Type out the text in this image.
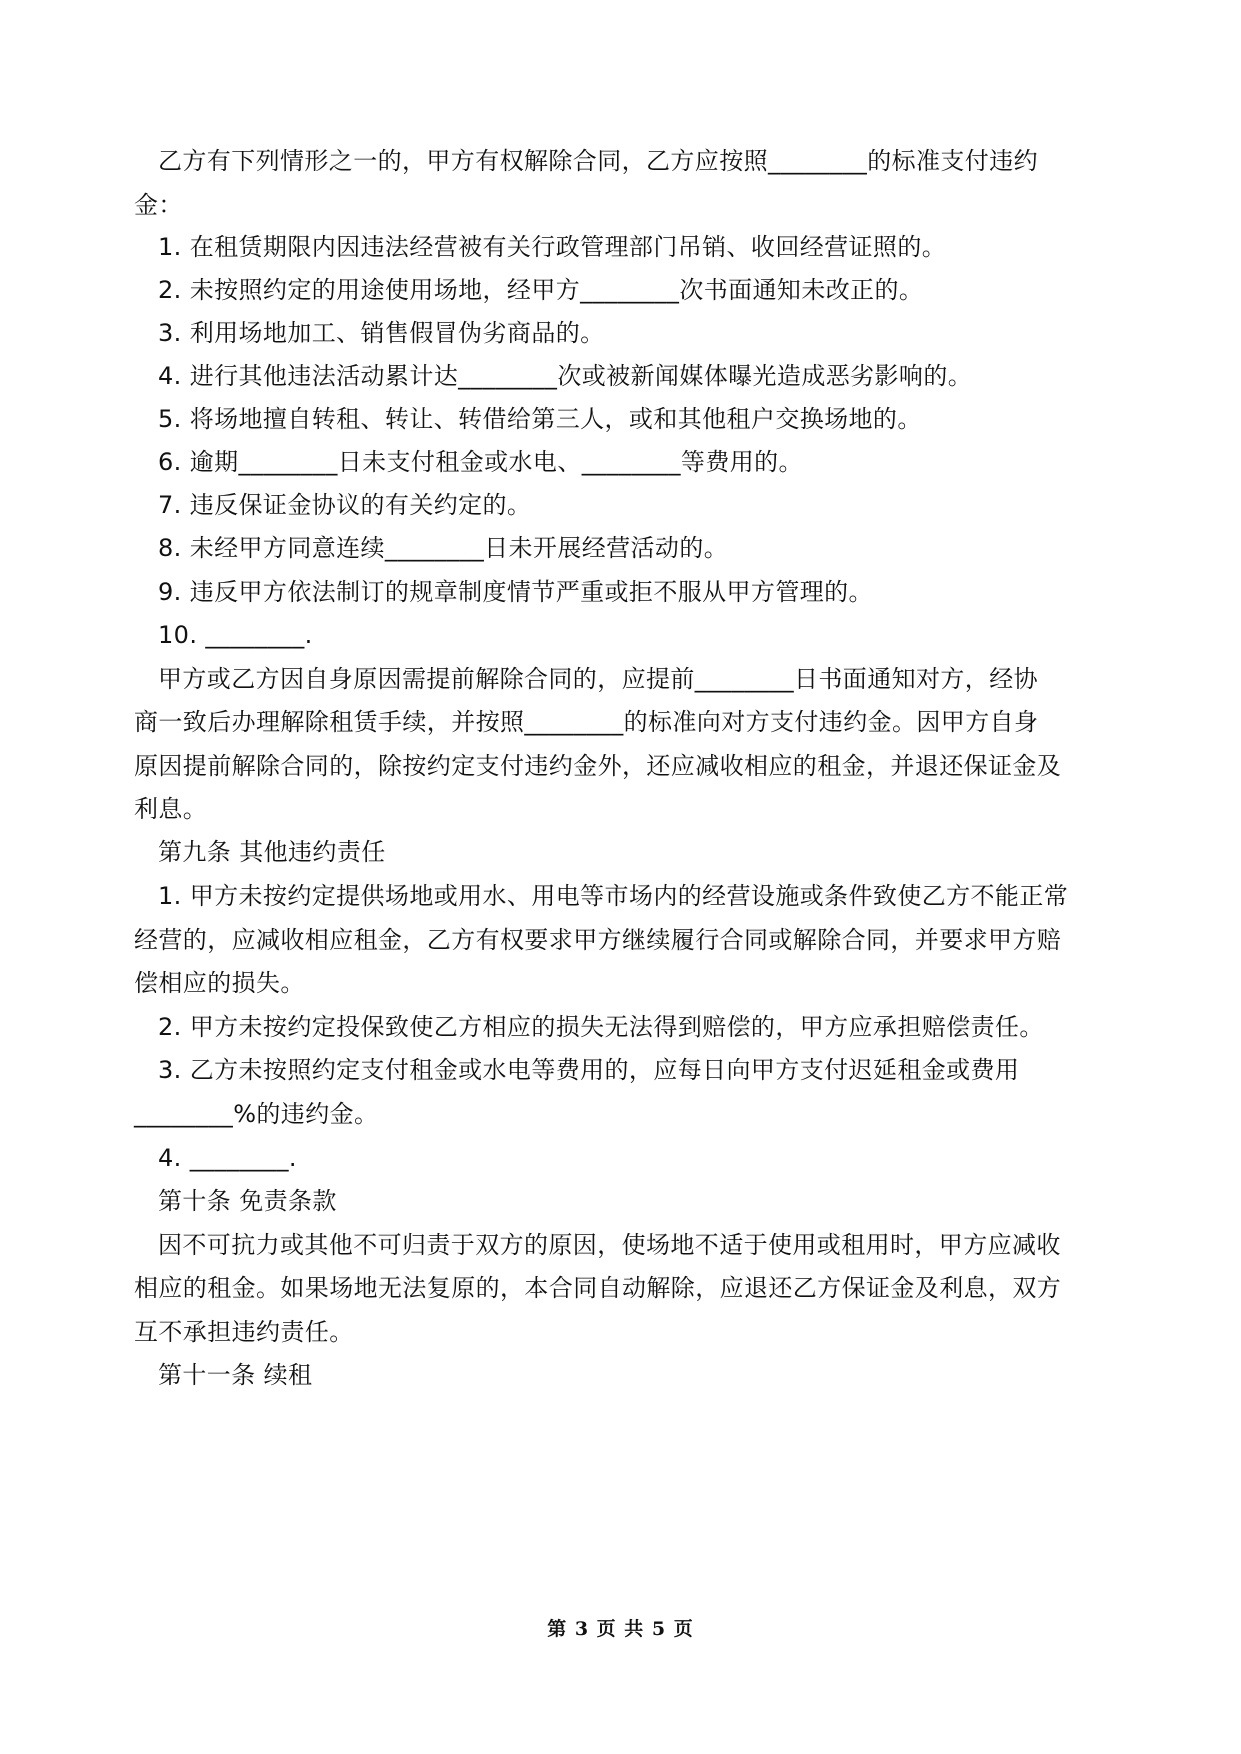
乙方有下列情形之一的，甲方有权解除合同，乙方应按照________的标准支付违约
金：
1. 在租赁期限内因违法经营被有关行政管理部门吊销、收回经营证照的。
2. 未按照约定的用途使用场地，经甲方________次书面通知未改正的。
3. 利用场地加工、销售假冒伪劣商品的。
4. 进行其他违法活动累计达________次或被新闻媒体曝光造成恶劣影响的。
5. 将场地擅自转租、转让、转借给第三人，或和其他租户交换场地的。
6. 逾期________日未支付租金或水电、________等费用的。
7. 违反保证金协议的有关约定的。
8. 未经甲方同意连续________日未开展经营活动的。
9. 违反甲方依法制订的规章制度情节严重或拒不服从甲方管理的。
10. ________.
甲方或乙方因自身原因需提前解除合同的，应提前________日书面通知对方，经协
商一致后办理解除租赁手续，并按照________的标准向对方支付违约金。因甲方自身
原因提前解除合同的，除按约定支付违约金外，还应减收相应的租金，并退还保证金及
利息。
第九条 其他违约责任
1. 甲方未按约定提供场地或用水、用电等市场内的经营设施或条件致使乙方不能正常
经营的，应减收相应租金，乙方有权要求甲方继续履行合同或解除合同，并要求甲方赔
偿相应的损失。
2. 甲方未按约定投保致使乙方相应的损失无法得到赔偿的，甲方应承担赔偿责任。
3. 乙方未按照约定支付租金或水电等费用的，应每日向甲方支付迟延租金或费用
________%的违约金。
4. ________.
第十条 免责条款
因不可抗力或其他不可归责于双方的原因，使场地不适于使用或租用时，甲方应减收
相应的租金。如果场地无法复原的，本合同自动解除，应退还乙方保证金及利息，双方
互不承担违约责任。
第十一条 续租
第 3 页 共 5 页
